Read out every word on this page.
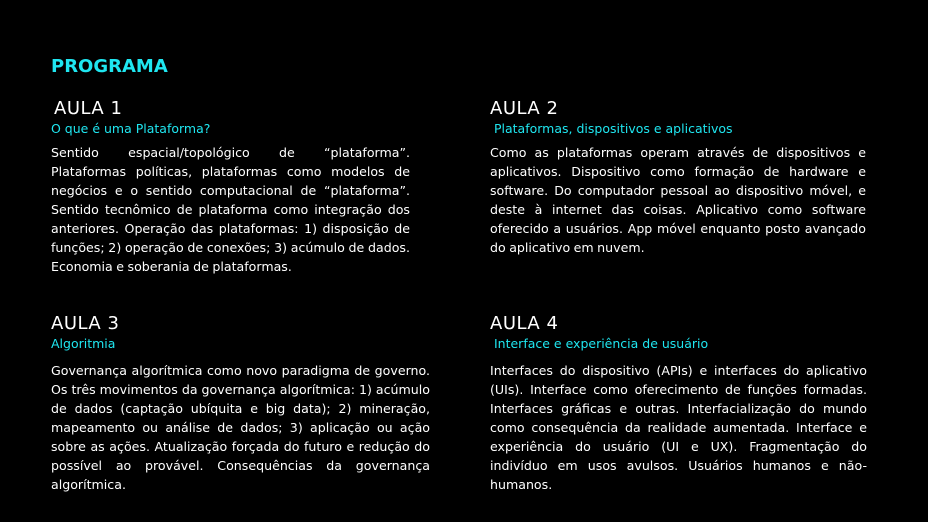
PROGRAMA
AULA 1
O que é uma Plataforma?
Sentido espacial/topológico de “plataforma”. Plataformas políticas, plataformas como modelos de negócios e o sentido computacional de “plataforma”. Sentido tecnômico de plataforma como integração dos anteriores. Operação das plataformas: 1) disposição de funções; 2) operação de conexões; 3) acúmulo de dados. Economia e soberania de plataformas.
AULA 2
Plataformas, dispositivos e aplicativos
Como as plataformas operam através de dispositivos e aplicativos. Dispositivo como formação de hardware e software. Do computador pessoal ao dispositivo móvel, e deste à internet das coisas. Aplicativo como software oferecido a usuários. App móvel enquanto posto avançado do aplicativo em nuvem.
AULA 3
Algoritmia
Governança algorítmica como novo paradigma de governo. Os três movimentos da governança algorítmica: 1) acúmulo de dados (captação ubíquita e big data); 2) mineração, mapeamento ou análise de dados; 3) aplicação ou ação sobre as ações. Atualização forçada do futuro e redução do possível ao provável. Consequências da governança algorítmica.
AULA 4
Interface e experiência de usuário
Interfaces do dispositivo (APIs) e interfaces do aplicativo (UIs). Interface como oferecimento de funções formadas. Interfaces gráficas e outras. Interfacialização do mundo como consequência da realidade aumentada. Interface e experiência do usuário (UI e UX). Fragmentação do indivíduo em usos avulsos. Usuários humanos e não-humanos.
